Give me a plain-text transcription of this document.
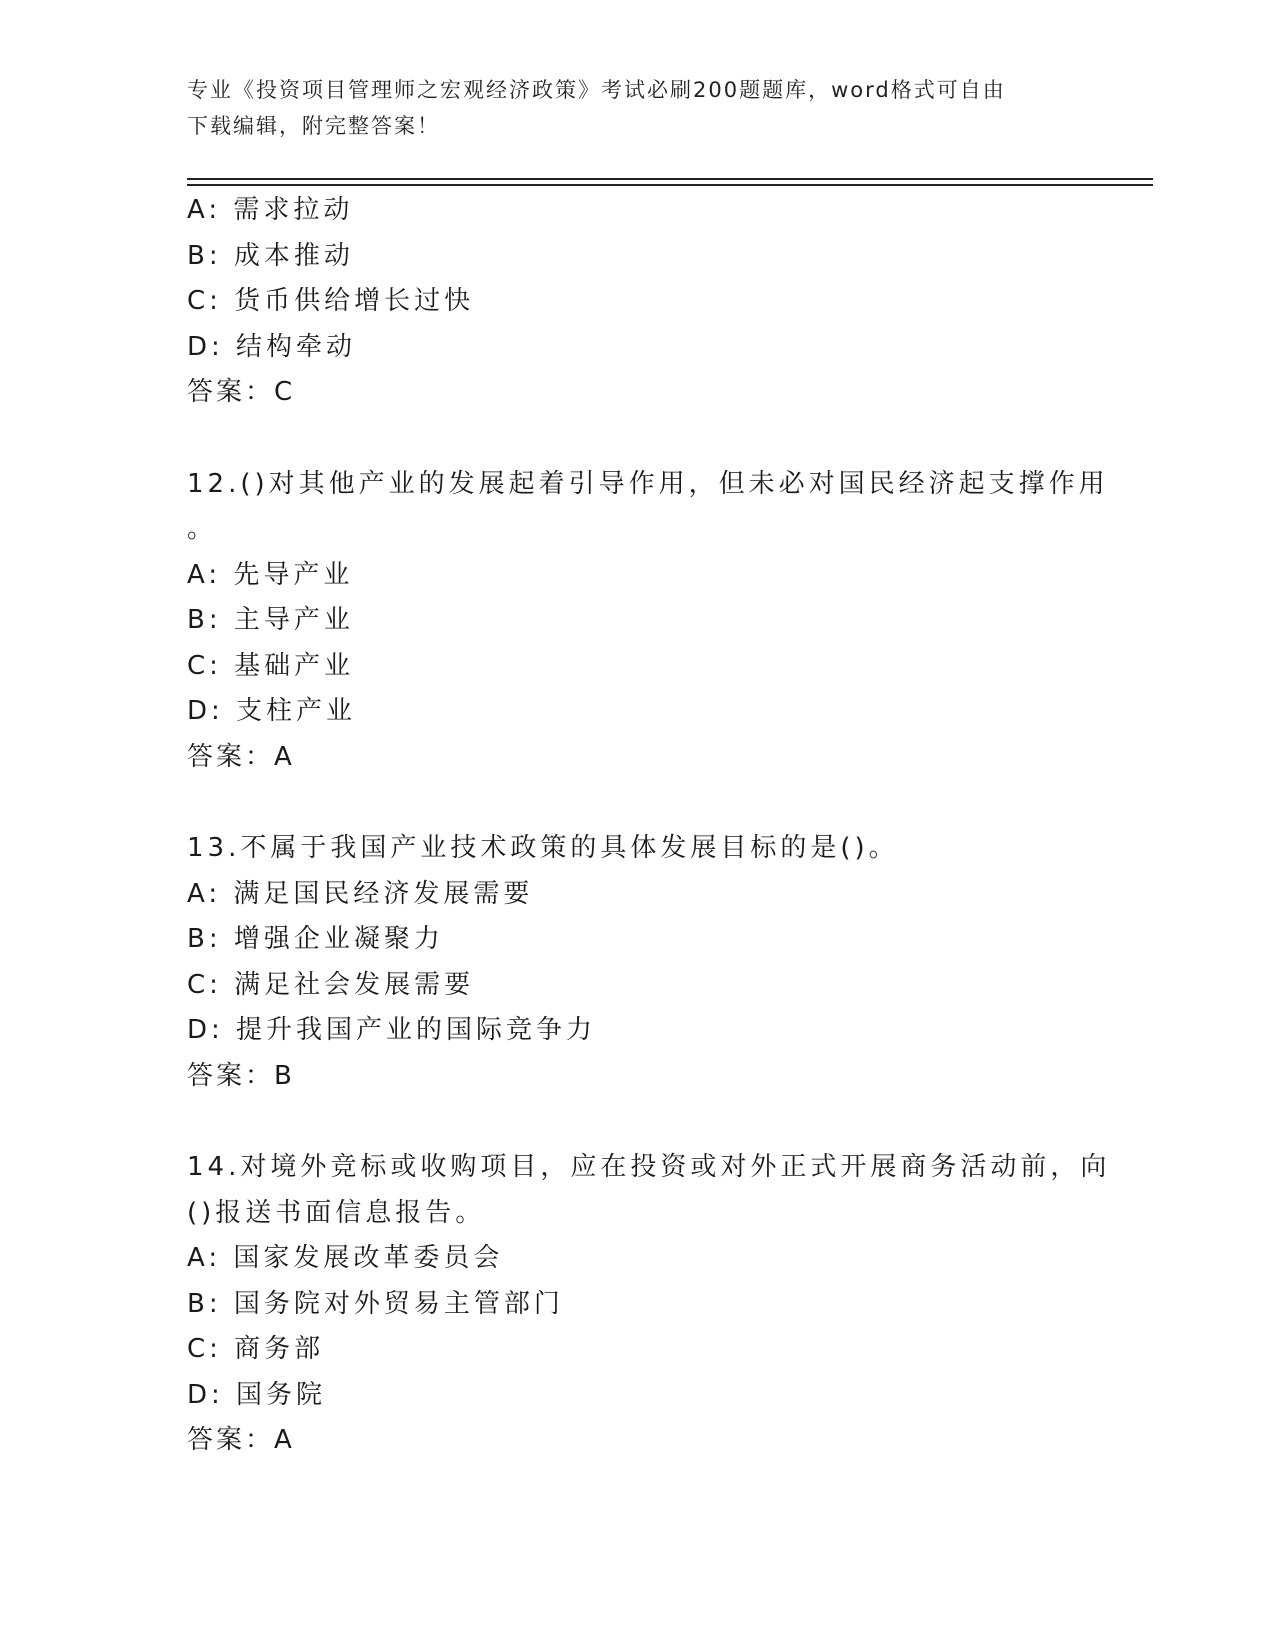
专业《投资项目管理师之宏观经济政策》考试必刷200题题库，word格式可自由
下载编辑，附完整答案！
A: 需求拉动
B: 成本推动
C: 货币供给增长过快
D: 结构牵动
答案：C
12.()对其他产业的发展起着引导作用，但未必对国民经济起支撑作用
。
A: 先导产业
B: 主导产业
C: 基础产业
D: 支柱产业
答案：A
13.不属于我国产业技术政策的具体发展目标的是()。
A: 满足国民经济发展需要
B: 增强企业凝聚力
C: 满足社会发展需要
D: 提升我国产业的国际竞争力
答案：B
14.对境外竞标或收购项目，应在投资或对外正式开展商务活动前，向
()报送书面信息报告。
A: 国家发展改革委员会
B: 国务院对外贸易主管部门
C: 商务部
D: 国务院
答案：A
